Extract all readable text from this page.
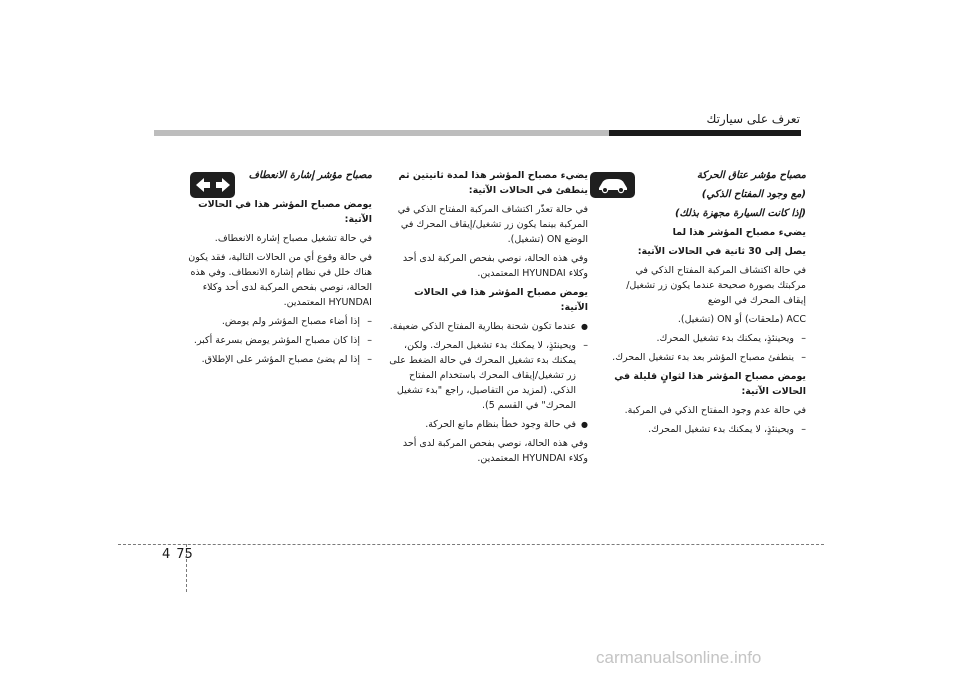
تعرف على سيارتك

مصباح مؤشر عتاق الحركة

(مع وجود المفتاح الذكي)

(إذا كانت السيارة مجهزة بذلك)

يضيء مصباح المؤشر هذا لما

يصل إلى 30 ثانية في الحالات الآتية:

في حالة اكتشاف المركبة المفتاح الذكي في مركبتك بصورة صحيحة عندما يكون زر تشغيل/ إيقاف المحرك في الوضع

ACC (ملحقات) أو ON (تشغيل).

– ويحينئذٍ، يمكنك بدء تشغيل المحرك.

– ينطفئ مصباح المؤشر بعد بدء تشغيل المحرك.

يومض مصباح المؤشر هذا لثوانٍ قليلة في الحالات الآتية:

في حالة عدم وجود المفتاح الذكي في المركبة.

– ويحينئذٍ، لا يمكنك بدء تشغيل المحرك.

يضيء مصباح المؤشر هذا لمدة ثانيتين ثم ينطفئ في الحالات الآتية:

في حالة تعذّر اكتشاف المركبة المفتاح الذكي في المركبة بينما يكون زر تشغيل/إيقاف المحرك في الوضع ON (تشغيل).

وفي هذه الحالة، نوصي بفحص المركبة لدى أحد وكلاء HYUNDAI المعتمدين.

يومض مصباح المؤشر هذا في الحالات الآتية:

● عندما تكون شحنة بطارية المفتاح الذكي ضعيفة.

– ويحينئذٍ، لا يمكنك بدء تشغيل المحرك. ولكن، يمكنك بدء تشغيل المحرك في حالة الضغط على زر تشغيل/إيقاف المحرك باستخدام المفتاح الذكي. (لمزيد من التفاصيل، راجع "بدء تشغيل المحرك" في القسم 5).

● في حالة وجود خطأ بنظام مانع الحركة.

وفي هذه الحالة، نوصي بفحص المركبة لدى أحد وكلاء HYUNDAI المعتمدين.

مصباح مؤشر إشارة الانعطاف

يومض مصباح المؤشر هذا في الحالات الآتية:

في حالة تشغيل مصباح إشارة الانعطاف.

في حالة وقوع أي من الحالات التالية، فقد يكون هناك خلل في نظام إشارة الانعطاف. وفي هذه الحالة، نوصي بفحص المركبة لدى أحد وكلاء HYUNDAI المعتمدين.

– إذا أضاء مصباح المؤشر ولم يومض.

– إذا كان مصباح المؤشر يومض بسرعة أكبر.

– إذا لم يضئ مصباح المؤشر على الإطلاق.

4 75
carmanualsonline.info
